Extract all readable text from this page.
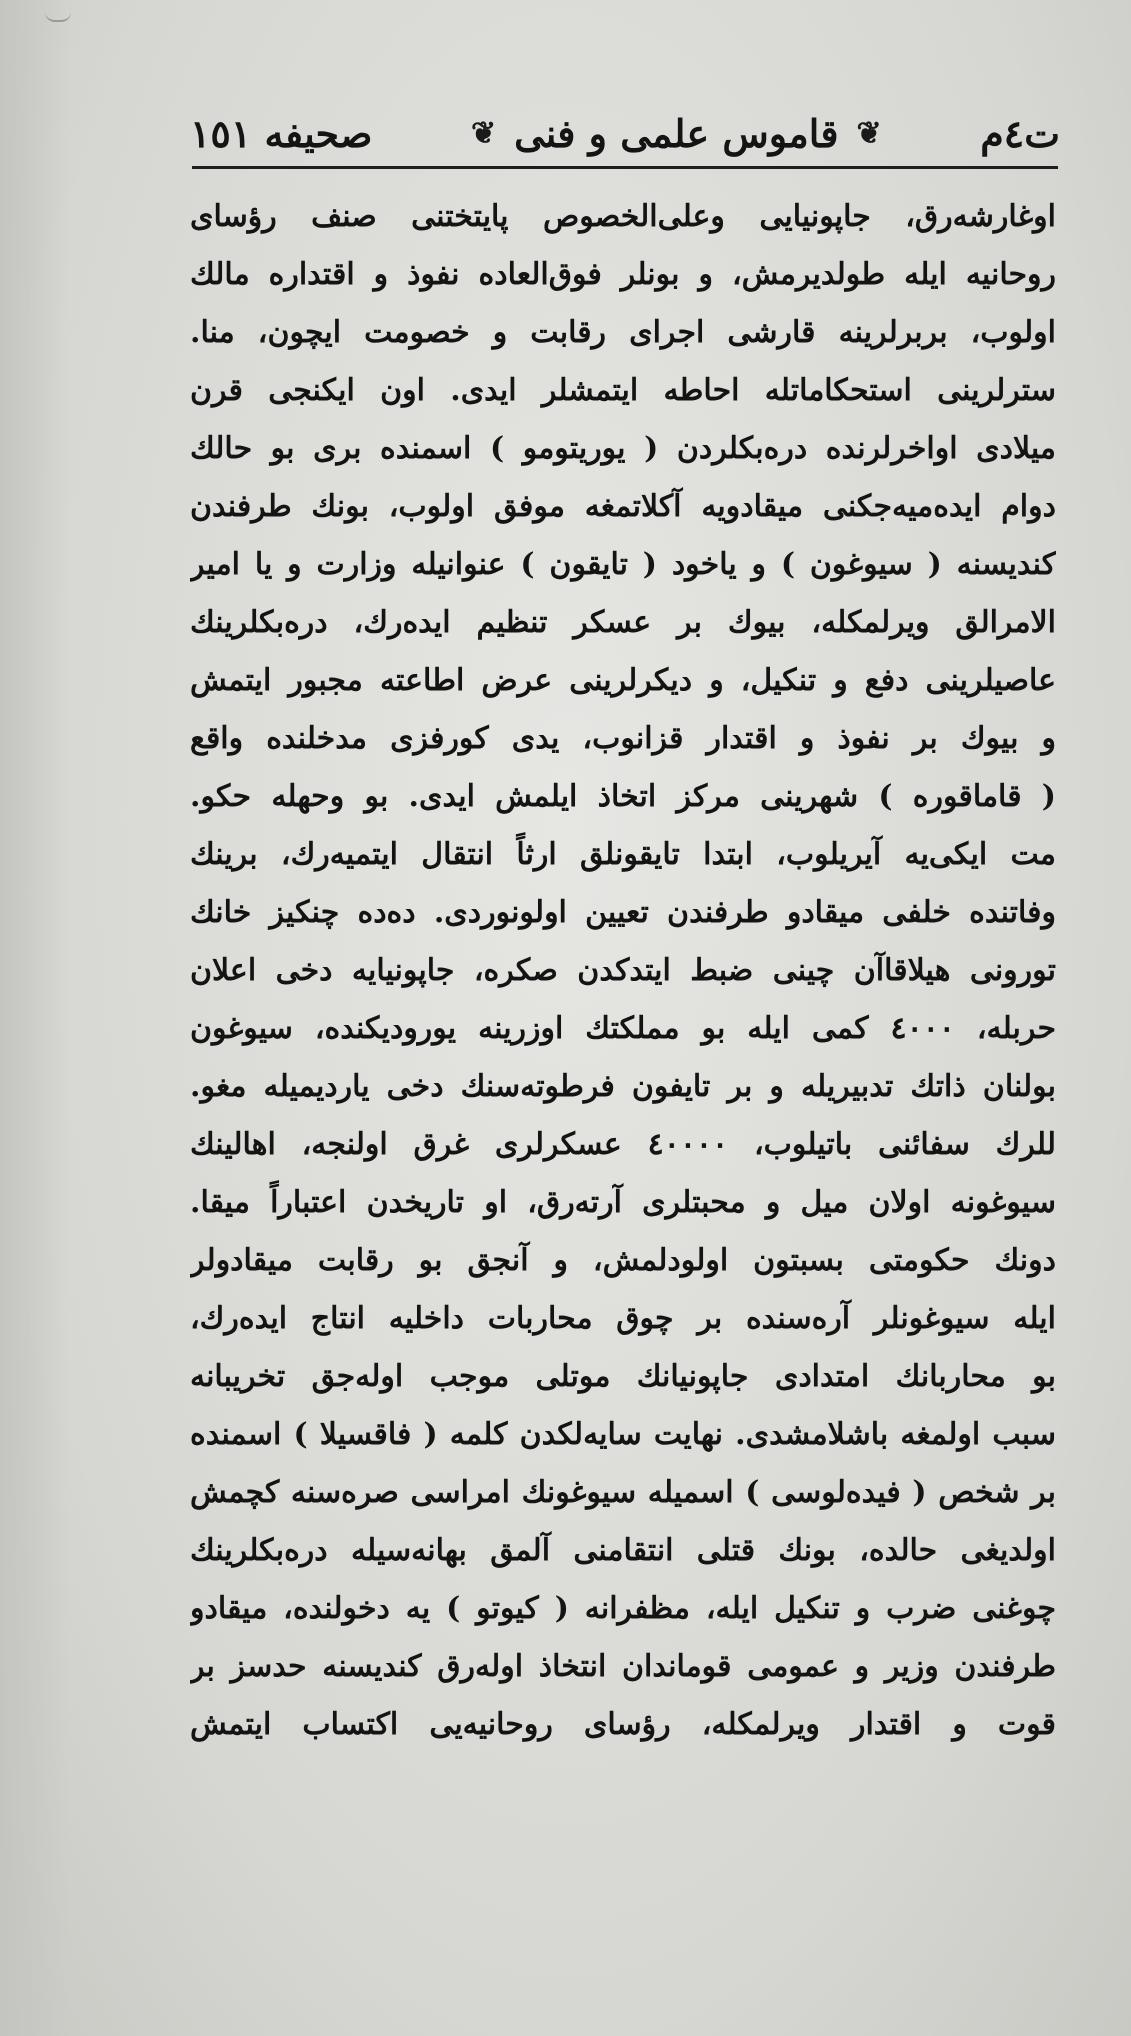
ت٤م
❦
قاموس علمی و فنی
❦
صحیفه ١٥١
اوغارشه‌رق، جاپونیایی وعلی‌الخصوص پایتختنی صنف رؤسای
روحانیه ایله طولدیرمش، و بونلر فوق‌العاده نفوذ و اقتداره مالك
اولوب، بربرلرینه قارشی اجرای رقابت و خصومت ایچون، منا.
سترلرینی استحکاماتله احاطه ایتمشلر ایدی. اون ایکنجی قرن
میلادی اواخرلرنده دره‌بکلردن ( یوریتومو ) اسمنده بری بو حالك
دوام ایده‌میه‌جکنی میقادویه آکلاتمغه موفق اولوب، بونك طرفندن
کندیسنه ( سیوغون ) و یاخود ( تایقون ) عنوانیله وزارت و یا امیر
الامرالق ویرلمکله، بیوك بر عسکر تنظیم ایده‌رك، دره‌بکلرینك
عاصیلرینی دفع و تنکیل، و دیکرلرینی عرض اطاعته مجبور ایتمش
و بیوك بر نفوذ و اقتدار قزانوب، یدی کورفزی مدخلنده واقع
( قاماقوره ) شهرینی مرکز اتخاذ ایلمش ایدی. بو وحهله حکو.
مت ایکی‌یه آیریلوب، ابتدا تایقونلق ارثاً انتقال ایتمیه‌رك، برینك
وفاتنده خلفی میقادو طرفندن تعیین اولونوردی. ده‌ده‌ چنکیز خانك
تورونی هیلاقاآن چینی ضبط ایتدکدن صکره، جاپونیایه دخی اعلان
حربله، ٤٠٠٠ کمی ایله بو مملکتك اوزرینه یورودیکنده، سیوغون
بولنان ذاتك تدبیریله و بر تایفون فرطوته‌سنك دخی یاردیمیله مغو.
للرك سفائنی باتیلوب، ٤٠٠٠٠ عسکرلری غرق اولنجه، اهالینك
سیوغونه اولان میل و محبتلری آرته‌رق، او تاریخدن اعتباراً میقا.
دونك حکومتی بسبتون اولودلمش، و آنجق بو رقابت میقادولر
ایله سیوغونلر آره‌سنده بر چوق محاربات داخلیه انتاج ایده‌رك،
بو محاربانك امتدادی جاپونیانك موتلی موجب اوله‌جق تخریبانه
سبب اولمغه باشلامشدی. نهایت سایه‌لکدن کلمه ( فاقسیلا ) اسمنده
بر شخص ( فیده‌لوسی ) اسمیله سیوغونك امراسی صره‌سنه کچمش
اولدیغی حالده، بونك قتلی انتقامنی آلمق بهانه‌سیله دره‌بکلرینك
چوغنی ضرب و تنکیل ایله، مظفرانه ( کیوتو ) یه دخولنده، میقادو
طرفندن وزیر و عمومی قوماندان انتخاذ اوله‌رق کندیسنه حدسز بر
قوت و اقتدار ویرلمکله، رؤسای روحانیه‌یی اکتساب ایتمش
